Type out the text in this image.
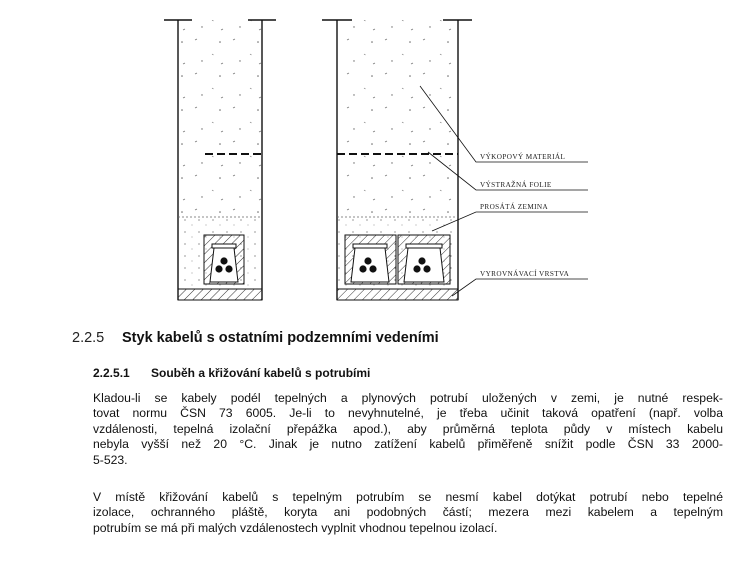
VÝKOPOVÝ MATERIÁL
VÝSTRAŽNÁ FOLIE
PROSÁTÁ ZEMINA
VYROVNÁVACÍ VRSTVA
2.2.5 Styk kabelů s ostatními podzemními vedeními
2.2.5.1 Souběh a křižování kabelů s potrubími
Kladou-li se kabely podél tepelných a plynových potrubí uložených v zemi, je nutné respek-
tovat normu ČSN 73 6005. Je-li to nevyhnutelné, je třeba učinit taková opatření (např. volba
vzdálenosti, tepelná izolační přepážka apod.), aby průměrná teplota půdy v místech kabelu
nebyla vyšší než 20 °C. Jinak je nutno zatížení kabelů přiměřeně snížit podle ČSN 33 2000-
5-523.
V místě křižování kabelů s tepelným potrubím se nesmí kabel dotýkat potrubí nebo tepelné
izolace, ochranného pláště, koryta ani podobných částí; mezera mezi kabelem a tepelným
potrubím se má při malých vzdálenostech vyplnit vhodnou tepelnou izolací.
